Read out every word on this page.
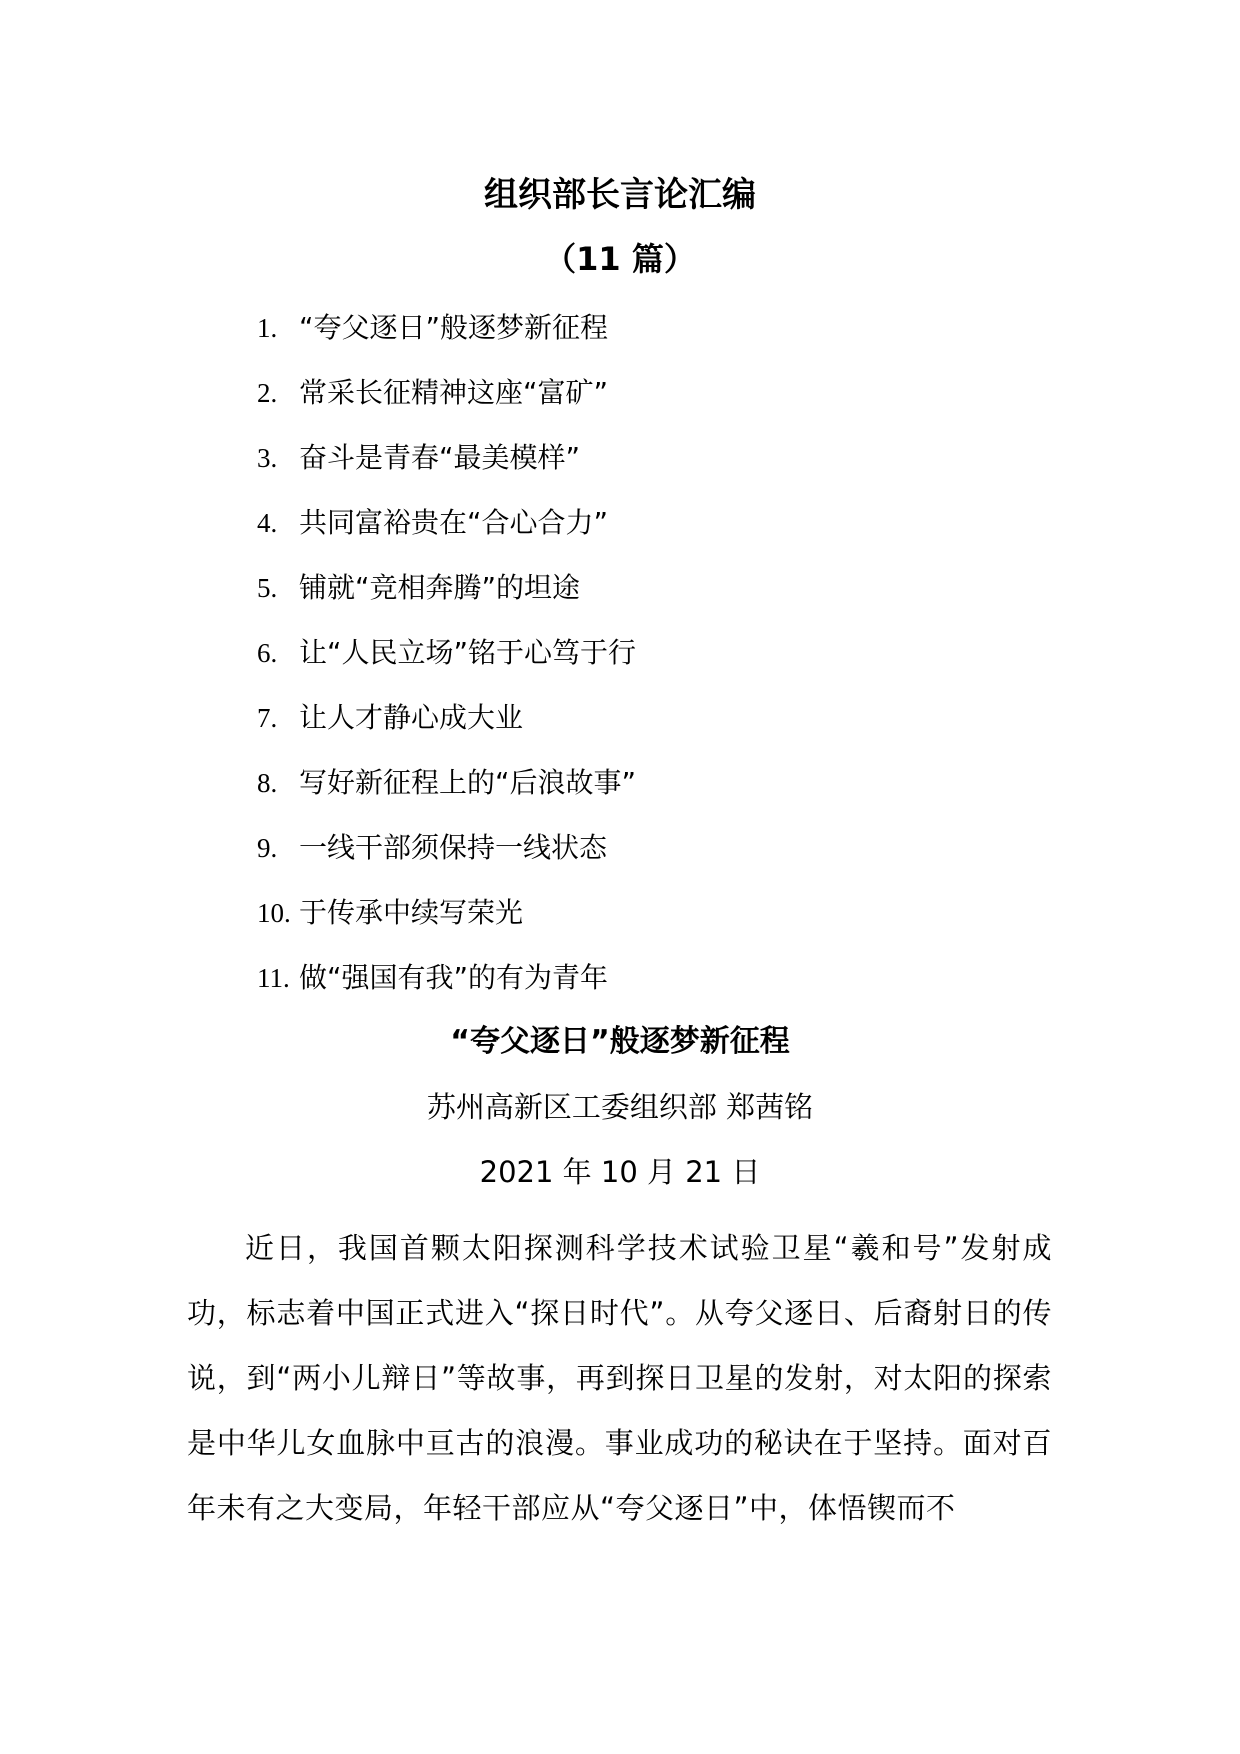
组织部长言论汇编
（11 篇）
1. “夸父逐日”般逐梦新征程
2. 常采长征精神这座“富矿”
3. 奋斗是青春“最美模样”
4. 共同富裕贵在“合心合力”
5. 铺就“竞相奔腾”的坦途
6. 让“人民立场”铭于心笃于行
7. 让人才静心成大业
8. 写好新征程上的“后浪故事”
9. 一线干部须保持一线状态
10. 于传承中续写荣光
11. 做“强国有我”的有为青年
“夸父逐日”般逐梦新征程
苏州高新区工委组织部 郑茜铭
2021 年 10 月 21 日

近日，我国首颗太阳探测科学技术试验卫星“羲和号”发射成功，标志着中国正式进入“探日时代”。从夸父逐日、后裔射日的传说，到“两小儿辩日”等故事，再到探日卫星的发射，对太阳的探索是中华儿女血脉中亘古的浪漫。事业成功的秘诀在于坚持。面对百年未有之大变局，年轻干部应从“夸父逐日”中，体悟锲而不
